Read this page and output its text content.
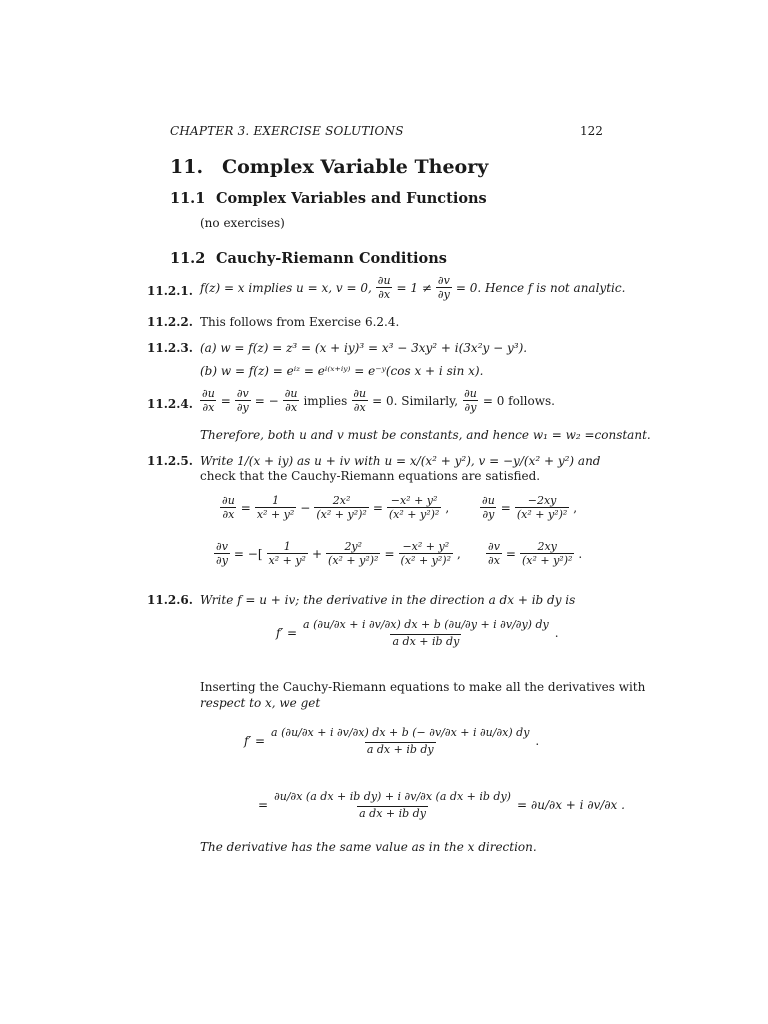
CHAPTER 3. EXERCISE SOLUTIONS	122
11. Complex Variable Theory
11.1 Complex Variables and Functions
(no exercises)
11.2 Cauchy-Riemann Conditions
11.2.1. f(z) = x implies u = x, v = 0, $\frac{\partial u}{\partial x} = 1 \ne \frac{\partial v}{\partial y} = 0$. Hence f is not analytic.
11.2.2. This follows from Exercise 6.2.4.
11.2.3. (a) w = f(z) = z³ = (x + iy)³ = x³ − 3xy² + i(3x²y − y³).
(b) w = f(z) = eⁱᶻ = eⁱ⁽ˣ⁺ⁱʸ⁾ = e⁻ʸ(cos x + i sin x).
11.2.4. $\frac{\partial u}{\partial x} = \frac{\partial v}{\partial y}$ = − $\frac{\partial u}{\partial x}$ implies $\frac{\partial u}{\partial x} = 0$. Similarly, $\frac{\partial u}{\partial y} = 0$ follows.
Therefore, both u and v must be constants, and hence w₁ = w₂ =constant.
11.2.5. Write 1/(x + iy) as u + iv with u = x/(x² + y²), v = −y/(x² + y²) and
check that the Cauchy-Riemann equations are satisfied.
$\frac{\partial u}{\partial x} = \frac{1}{\text{x² + y²}} - \frac{\text{2x²}}{\text{(x² + y²)²}} = \frac{\text{−x² + y²}}{\text{(x² + y²)²}}$ ,	$\frac{\partial u}{\partial y} = \frac{-2xy}{\text{(x² + y²)²}}$ ,
$\frac{\partial v}{\partial y}$ = −[ $\frac{1}{\text{x² + y²}} + \frac{\text{2y²}}{\text{(x² + y²)²}} = \frac{\text{−x² + y²}}{\text{(x² + y²)²}}$ , $\frac{\partial v}{\partial x} = \frac{2xy}{\text{(x² + y²)²}}$ .
11.2.6. Write f = u + iv; the derivative in the direction a dx + ib dy is
$f' = \frac{a (\partial u/\partial x + i \partial v/\partial x) dx + b (\partial u/\partial y + i \partial v/\partial y) dy}{\text{a dx + ib dy}}$ .
Inserting the Cauchy-Riemann equations to make all the derivatives with
respect to x, we get
$f' = \frac{a (\partial u/\partial x + i \partial v/\partial x) dx + b (- \partial v/\partial x + i \partial u/\partial x) dy}{\text{a dx + ib dy}}$ .
= $\frac{\text{∂u/∂x (a dx + ib dy) + i ∂v/∂x (a dx + ib dy)}}{\text{a dx + ib dy}} = \partial u/\partial x + i$ ∂v/∂x .
The derivative has the same value as in the x direction.
